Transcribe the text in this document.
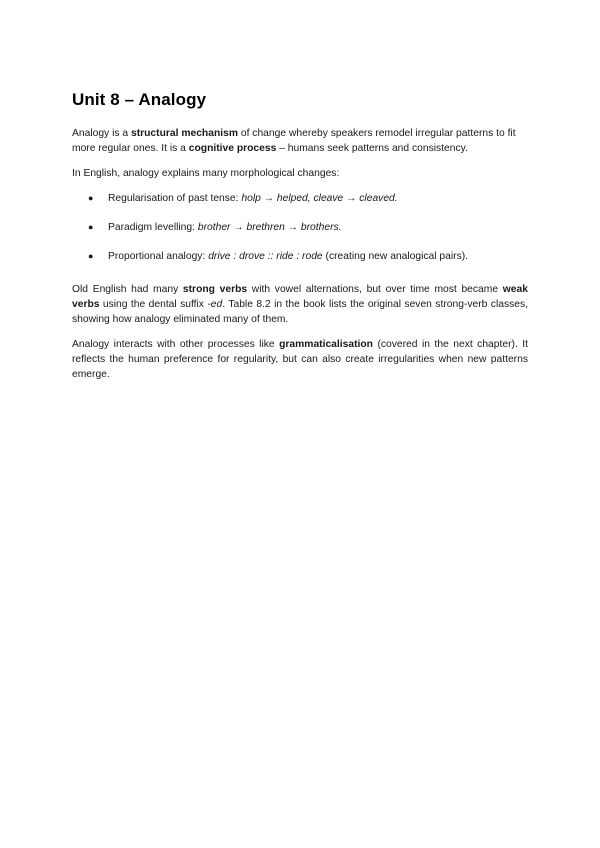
Unit 8 – Analogy

Analogy is a structural mechanism of change whereby speakers remodel irregular patterns to fit more regular ones. It is a cognitive process – humans seek patterns and consistency.

In English, analogy explains many morphological changes:

● Regularisation of past tense: holp → helped, cleave → cleaved.
● Paradigm levelling: brother → brethren → brothers.
● Proportional analogy: drive : drove :: ride : rode (creating new analogical pairs).

Old English had many strong verbs with vowel alternations, but over time most became weak verbs using the dental suffix -ed. Table 8.2 in the book lists the original seven strong-verb classes, showing how analogy eliminated many of them.

Analogy interacts with other processes like grammaticalisation (covered in the next chapter). It reflects the human preference for regularity, but can also create irregularities when new patterns emerge.
